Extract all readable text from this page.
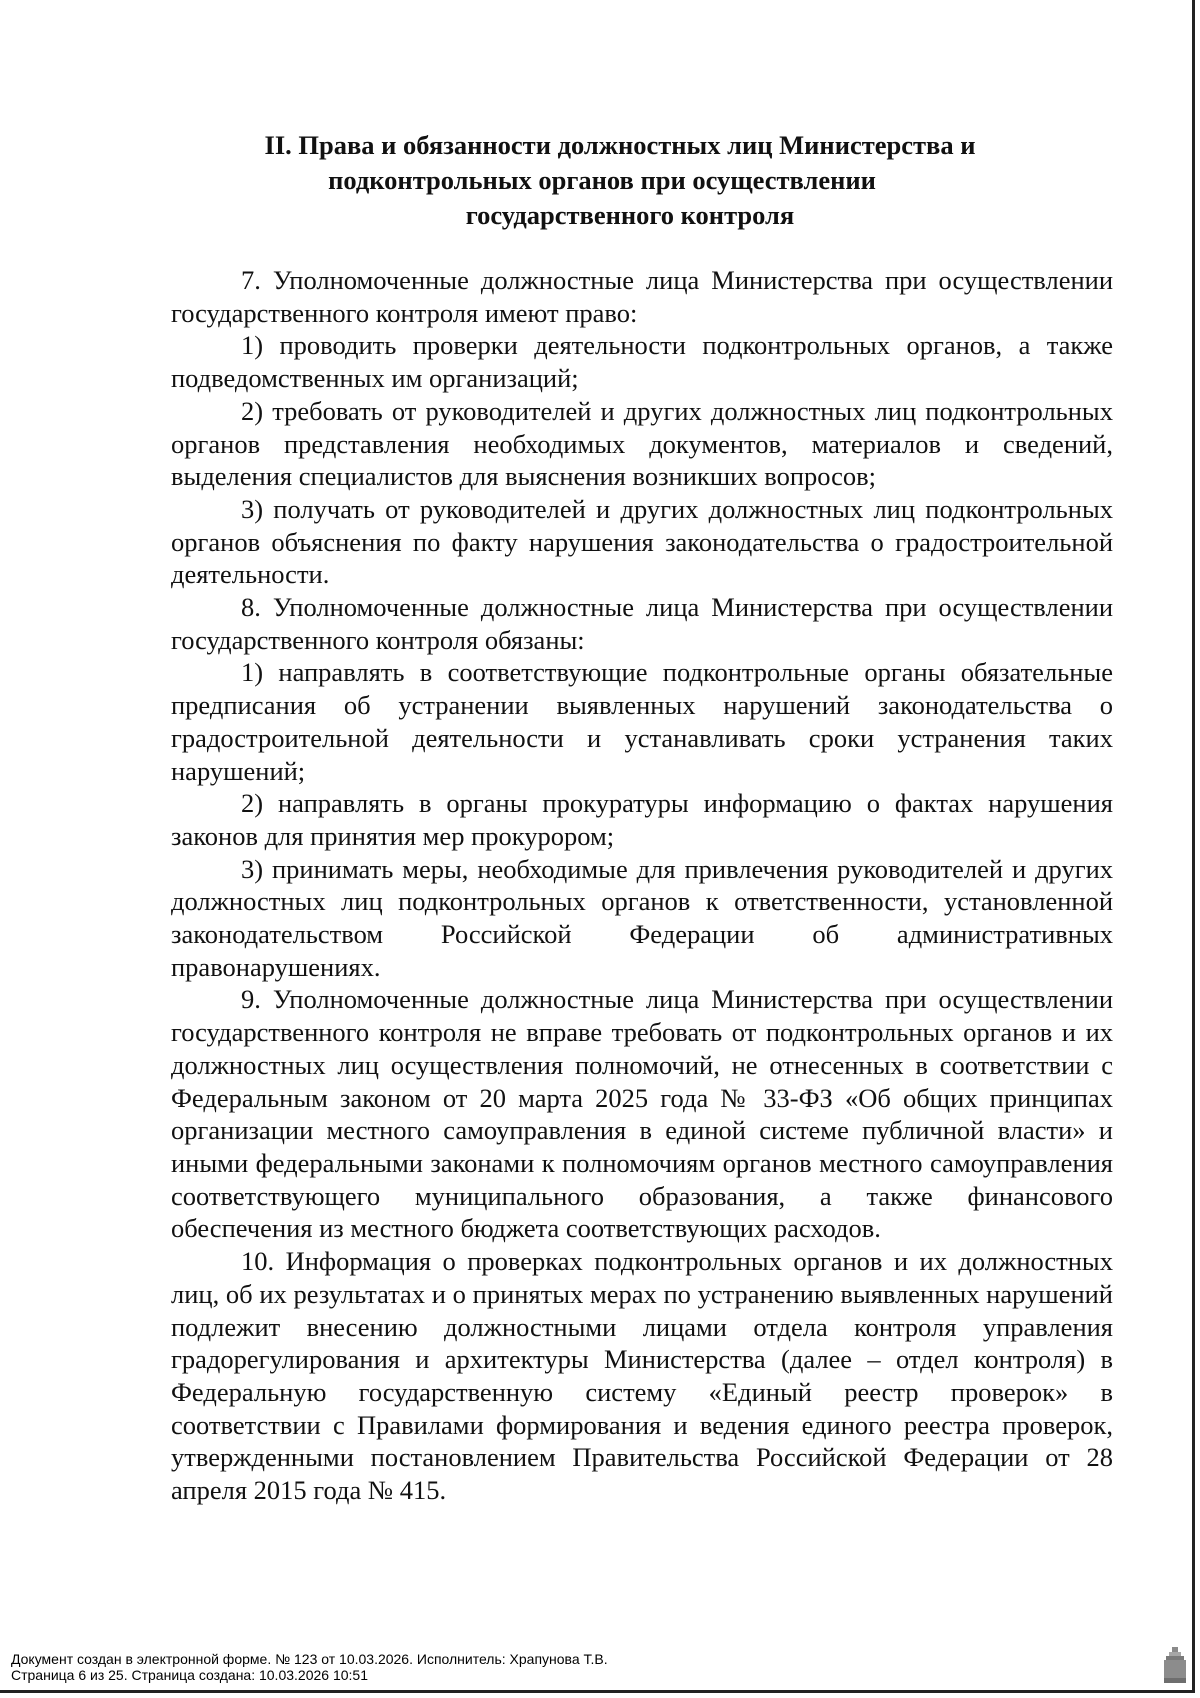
II. Права и обязанности должностных лиц Министерства и
подконтрольных органов при осуществлении
государственного контроля

7. Уполномоченные должностные лица Министерства при осуществлении государственного контроля имеют право:

1) проводить проверки деятельности подконтрольных органов, а также подведомственных им организаций;

2) требовать от руководителей и других должностных лиц подконтрольных органов представления необходимых документов, материалов и сведений, выделения специалистов для выяснения возникших вопросов;

3) получать от руководителей и других должностных лиц подконтрольных органов объяснения по факту нарушения законодательства о градостроительной деятельности.

8. Уполномоченные должностные лица Министерства при осуществлении государственного контроля обязаны:

1) направлять в соответствующие подконтрольные органы обязательные предписания об устранении выявленных нарушений законодательства о градостроительной деятельности и устанавливать сроки устранения таких нарушений;

2) направлять в органы прокуратуры информацию о фактах нарушения законов для принятия мер прокурором;

3) принимать меры, необходимые для привлечения руководителей и других должностных лиц подконтрольных органов к ответственности, установленной законодательством Российской Федерации об административных правонарушениях.

9. Уполномоченные должностные лица Министерства при осуществлении государственного контроля не вправе требовать от подконтрольных органов и их должностных лиц осуществления полномочий, не отнесенных в соответствии с Федеральным законом от 20 марта 2025 года № 33-ФЗ «Об общих принципах организации местного самоуправления в единой системе публичной власти» и иными федеральными законами к полномочиям органов местного самоуправления соответствующего муниципального образования, а также финансового обеспечения из местного бюджета соответствующих расходов.

10. Информация о проверках подконтрольных органов и их должностных лиц, об их результатах и о принятых мерах по устранению выявленных нарушений подлежит внесению должностными лицами отдела контроля управления градорегулирования и архитектуры Министерства (далее – отдел контроля) в Федеральную государственную систему «Единый реестр проверок» в соответствии с Правилами формирования и ведения единого реестра проверок, утвержденными постановлением Правительства Российской Федерации от 28 апреля 2015 года № 415.

Документ создан в электронной форме. № 123 от 10.03.2026. Исполнитель: Храпунова Т.В.
Страница 6 из 25. Страница создана: 10.03.2026 10:51
